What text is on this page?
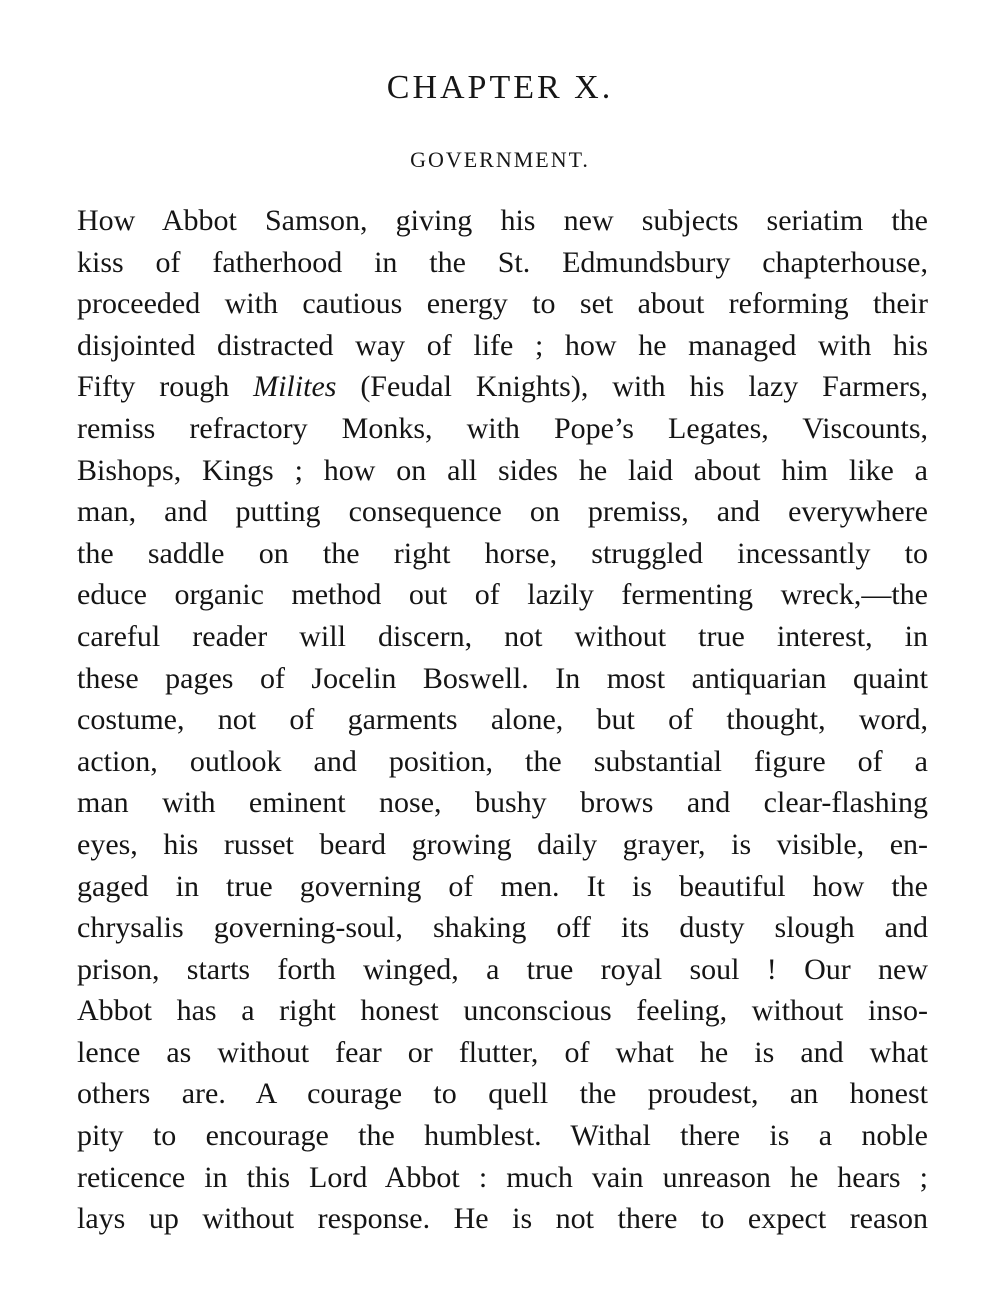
CHAPTER X.
GOVERNMENT.
How Abbot Samson, giving his new subjects seriatim the
kiss of fatherhood in the St. Edmundsbury chapterhouse,
proceeded with cautious energy to set about reforming their
disjointed distracted way of life ; how he managed with his
Fifty rough Milites (Feudal Knights), with his lazy Farmers,
remiss refractory Monks, with Pope’s Legates, Viscounts,
Bishops, Kings ; how on all sides he laid about him like a
man, and putting consequence on premiss, and everywhere
the saddle on the right horse, struggled incessantly to
educe organic method out of lazily fermenting wreck,—the
careful reader will discern, not without true interest, in
these pages of Jocelin Boswell. In most antiquarian quaint
costume, not of garments alone, but of thought, word,
action, outlook and position, the substantial figure of a
man with eminent nose, bushy brows and clear-flashing
eyes, his russet beard growing daily grayer, is visible, en-
gaged in true governing of men. It is beautiful how the
chrysalis governing-soul, shaking off its dusty slough and
prison, starts forth winged, a true royal soul ! Our new
Abbot has a right honest unconscious feeling, without inso-
lence as without fear or flutter, of what he is and what
others are. A courage to quell the proudest, an honest
pity to encourage the humblest. Withal there is a noble
reticence in this Lord Abbot : much vain unreason he hears ;
lays up without response. He is not there to expect reason
